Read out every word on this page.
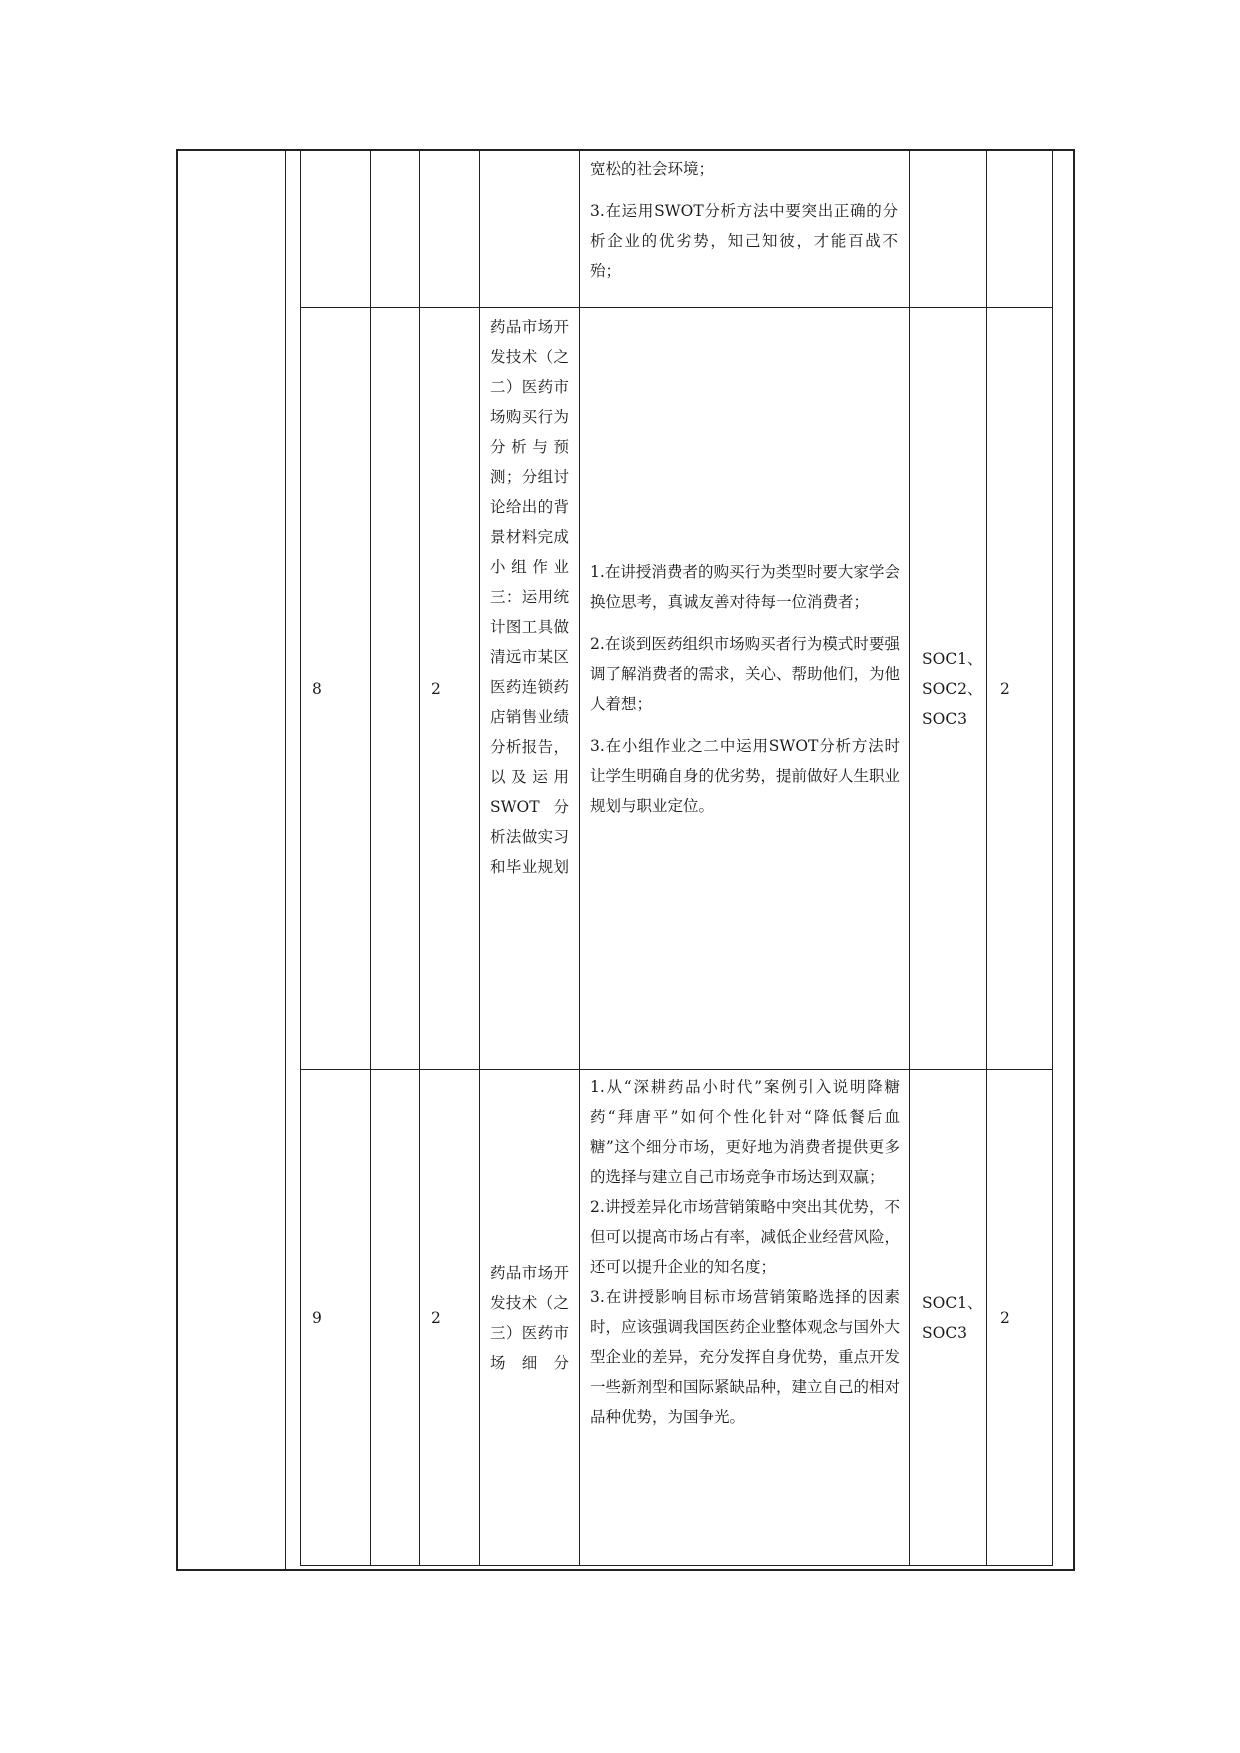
宽松的社会环境；

3.在运用SWOT分析方法中要突出正确的分析企业的优劣势，知己知彼，才能百战不殆；

8	2
药品市场开发技术（之二）医药市场购买行为分析与预测；分组讨论给出的背景材料完成小组作业三：运用统计图工具做清远市某区医药连锁药店销售业绩分析报告，以及运用SWOT分析法做实习和毕业规划

1.在讲授消费者的购买行为类型时要大家学会换位思考，真诚友善对待每一位消费者；

2.在谈到医药组织市场购买者行为模式时要强调了解消费者的需求，关心、帮助他们，为他人着想；

3.在小组作业之二中运用SWOT分析方法时让学生明确自身的优劣势，提前做好人生职业规划与职业定位。

SOC1、SOC2、SOC3
2
9	2
药品市场开发技术（之三）医药市场细分

1.从“深耕药品小时代”案例引入说明降糖药“拜唐平”如何个性化针对“降低餐后血糖”这个细分市场，更好地为消费者提供更多的选择与建立自己市场竞争市场达到双赢；

2.讲授差异化市场营销策略中突出其优势，不但可以提高市场占有率，减低企业经营风险，还可以提升企业的知名度；

3.在讲授影响目标市场营销策略选择的因素时，应该强调我国医药企业整体观念与国外大型企业的差异，充分发挥自身优势，重点开发一些新剂型和国际紧缺品种，建立自己的相对品种优势，为国争光。

SOC1、SOC3
2
